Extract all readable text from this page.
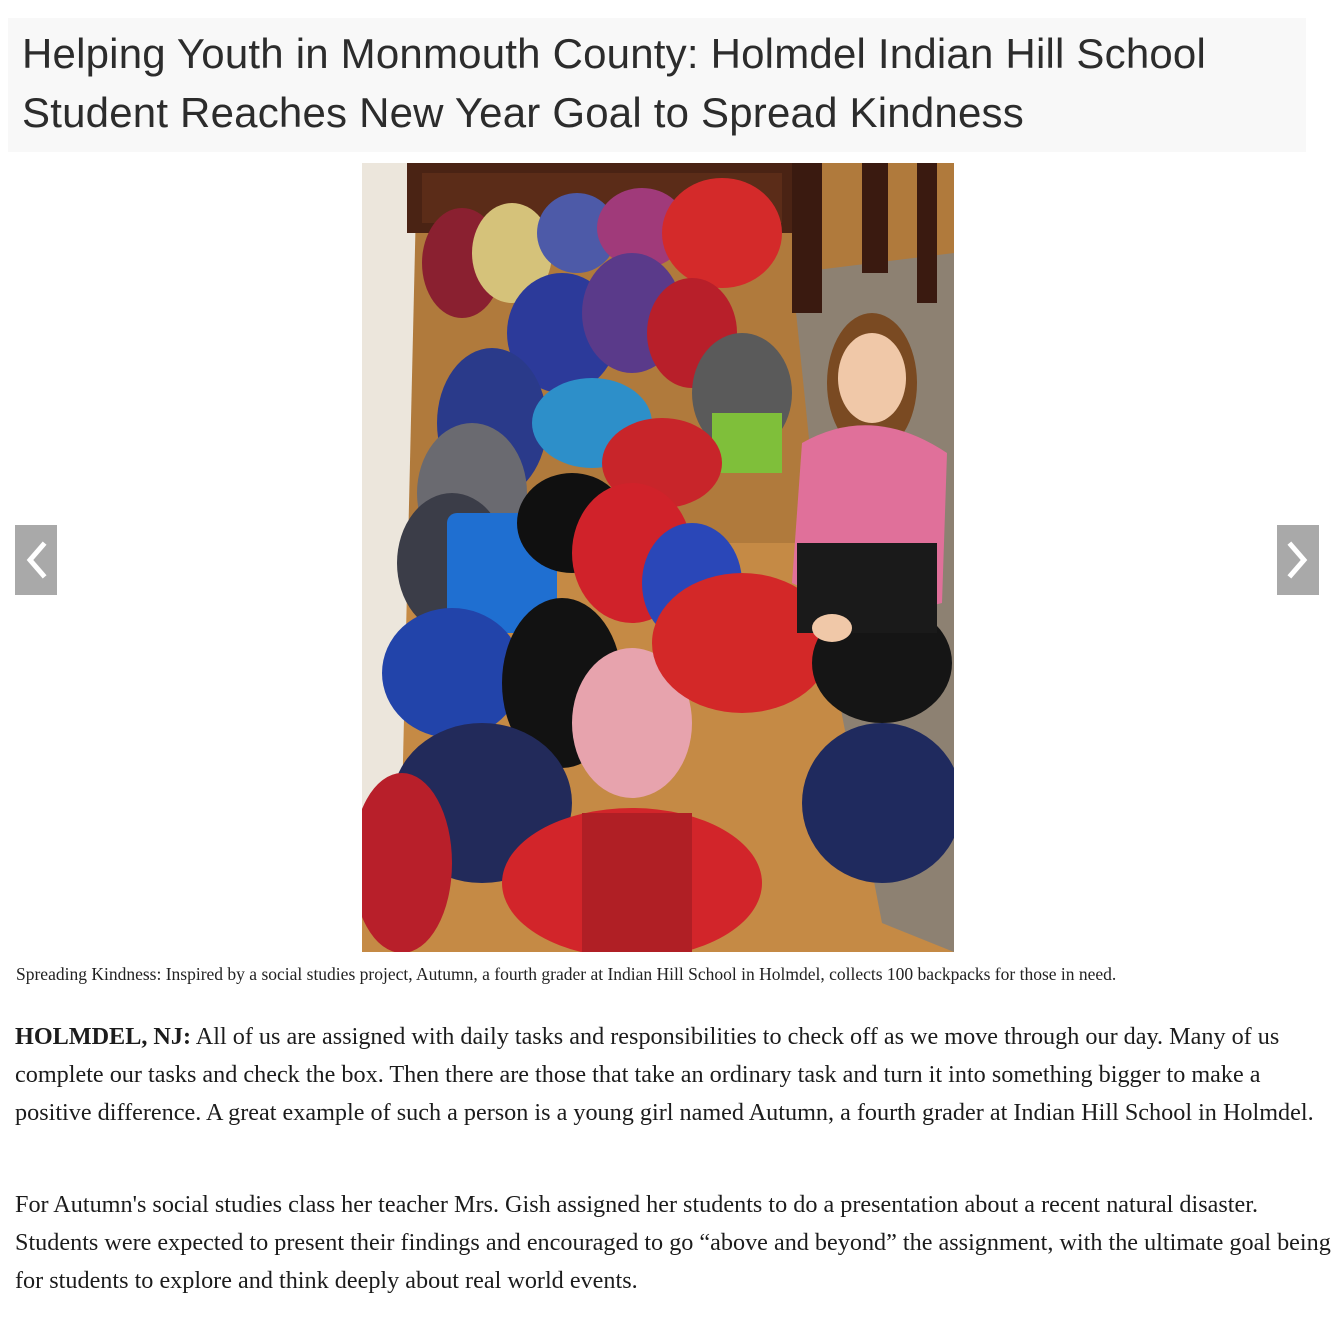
Helping Youth in Monmouth County: Holmdel Indian Hill School Student Reaches New Year Goal to Spread Kindness
Spreading Kindness: Inspired by a social studies project, Autumn, a fourth grader at Indian Hill School in Holmdel, collects 100 backpacks for those in need.

HOLMDEL, NJ: All of us are assigned with daily tasks and responsibilities to check off as we move through our day. Many of us complete our tasks and check the box. Then there are those that take an ordinary task and turn it into something bigger to make a positive difference. A great example of such a person is a young girl named Autumn, a fourth grader at Indian Hill School in Holmdel.

For Autumn's social studies class her teacher Mrs. Gish assigned her students to do a presentation about a recent natural disaster. Students were expected to present their findings and encouraged to go “above and beyond” the assignment, with the ultimate goal being for students to explore and think deeply about real world events.
